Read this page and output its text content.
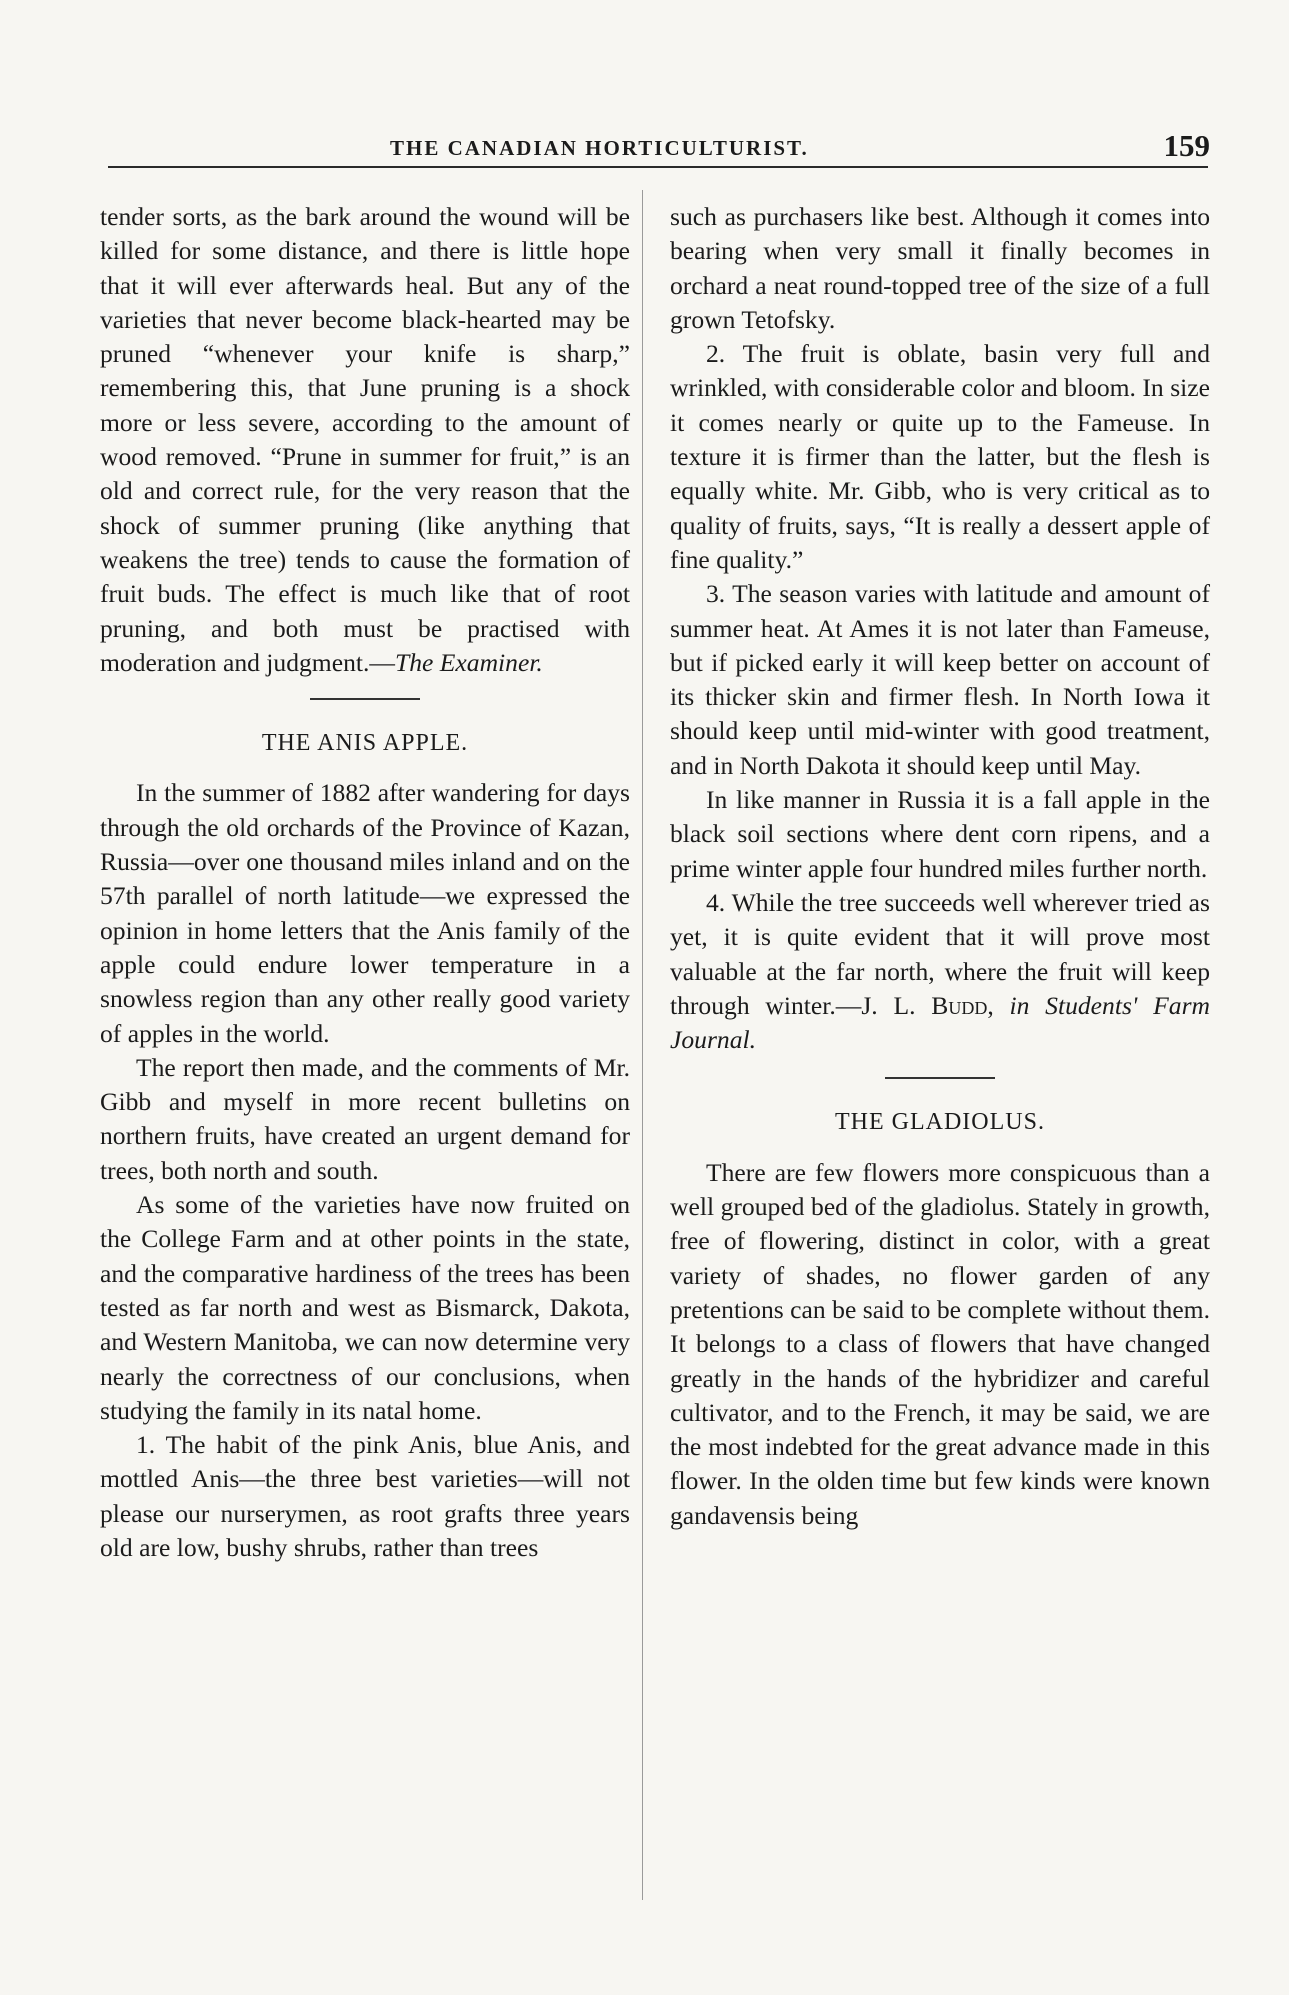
THE CANADIAN HORTICULTURIST.	159

tender sorts, as the bark around the wound will be killed for some distance, and there is little hope that it will ever afterwards heal. But any of the varieties that never become black-hearted may be pruned “whenever your knife is sharp,” remembering this, that June pruning is a shock more or less severe, according to the amount of wood removed. “Prune in summer for fruit,” is an old and correct rule, for the very reason that the shock of summer pruning (like anything that weakens the tree) tends to cause the formation of fruit buds. The effect is much like that of root pruning, and both must be practised with moderation and judgment.—The Examiner.

THE ANIS APPLE.

In the summer of 1882 after wandering for days through the old orchards of the Province of Kazan, Russia—over one thousand miles inland and on the 57th parallel of north latitude—we expressed the opinion in home letters that the Anis family of the apple could endure lower temperature in a snowless region than any other really good variety of apples in the world.

The report then made, and the comments of Mr. Gibb and myself in more recent bulletins on northern fruits, have created an urgent demand for trees, both north and south.

As some of the varieties have now fruited on the College Farm and at other points in the state, and the comparative hardiness of the trees has been tested as far north and west as Bismarck, Dakota, and Western Manitoba, we can now determine very nearly the correctness of our conclusions, when studying the family in its natal home.

1. The habit of the pink Anis, blue Anis, and mottled Anis—the three best varieties—will not please our nurserymen, as root grafts three years old are low, bushy shrubs, rather than trees

such as purchasers like best. Although it comes into bearing when very small it finally becomes in orchard a neat round-topped tree of the size of a full grown Tetofsky.

2. The fruit is oblate, basin very full and wrinkled, with considerable color and bloom. In size it comes nearly or quite up to the Fameuse. In texture it is firmer than the latter, but the flesh is equally white. Mr. Gibb, who is very critical as to quality of fruits, says, “It is really a dessert apple of fine quality.”

3. The season varies with latitude and amount of summer heat. At Ames it is not later than Fameuse, but if picked early it will keep better on account of its thicker skin and firmer flesh. In North Iowa it should keep until mid-winter with good treatment, and in North Dakota it should keep until May.

In like manner in Russia it is a fall apple in the black soil sections where dent corn ripens, and a prime winter apple four hundred miles further north.

4. While the tree succeeds well wherever tried as yet, it is quite evident that it will prove most valuable at the far north, where the fruit will keep through winter.—J. L. Budd, in Students' Farm Journal.

THE GLADIOLUS.

There are few flowers more conspicuous than a well grouped bed of the gladiolus. Stately in growth, free of flowering, distinct in color, with a great variety of shades, no flower garden of any pretentions can be said to be complete without them. It belongs to a class of flowers that have changed greatly in the hands of the hybridizer and careful cultivator, and to the French, it may be said, we are the most indebted for the great advance made in this flower. In the olden time but few kinds were known gandavensis being
